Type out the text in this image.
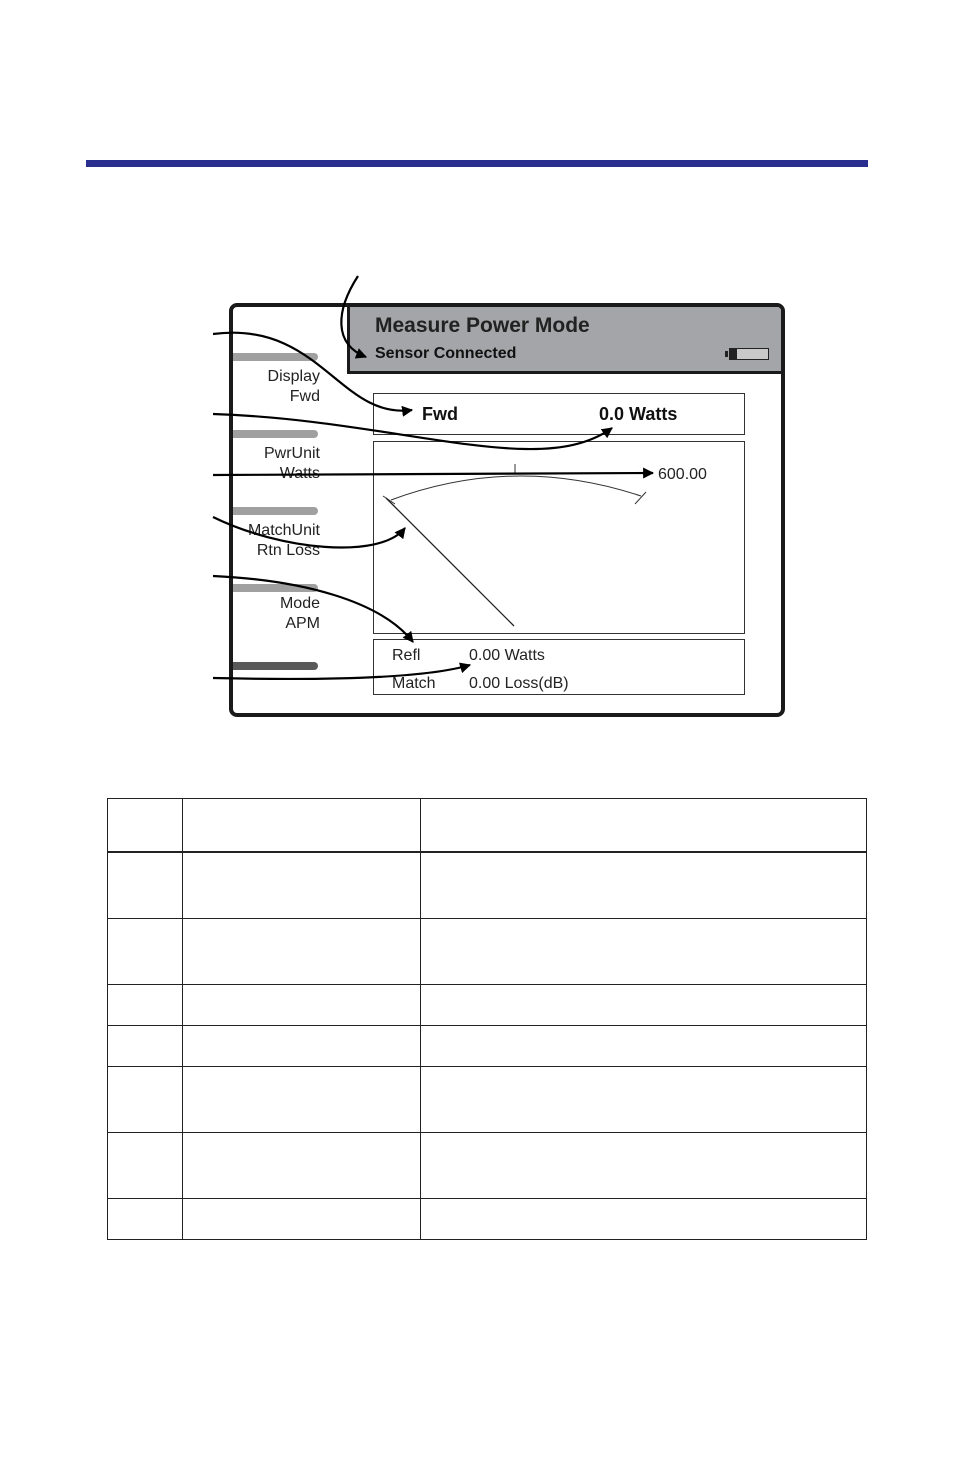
Measure Power Mode
Sensor Connected
Display
Fwd
PwrUnit
Watts
MatchUnit
Rtn Loss
Mode
APM
Fwd	0.0 Watts
600.00
Refl	0.00 Watts
Match 0.00 Loss(dB)
